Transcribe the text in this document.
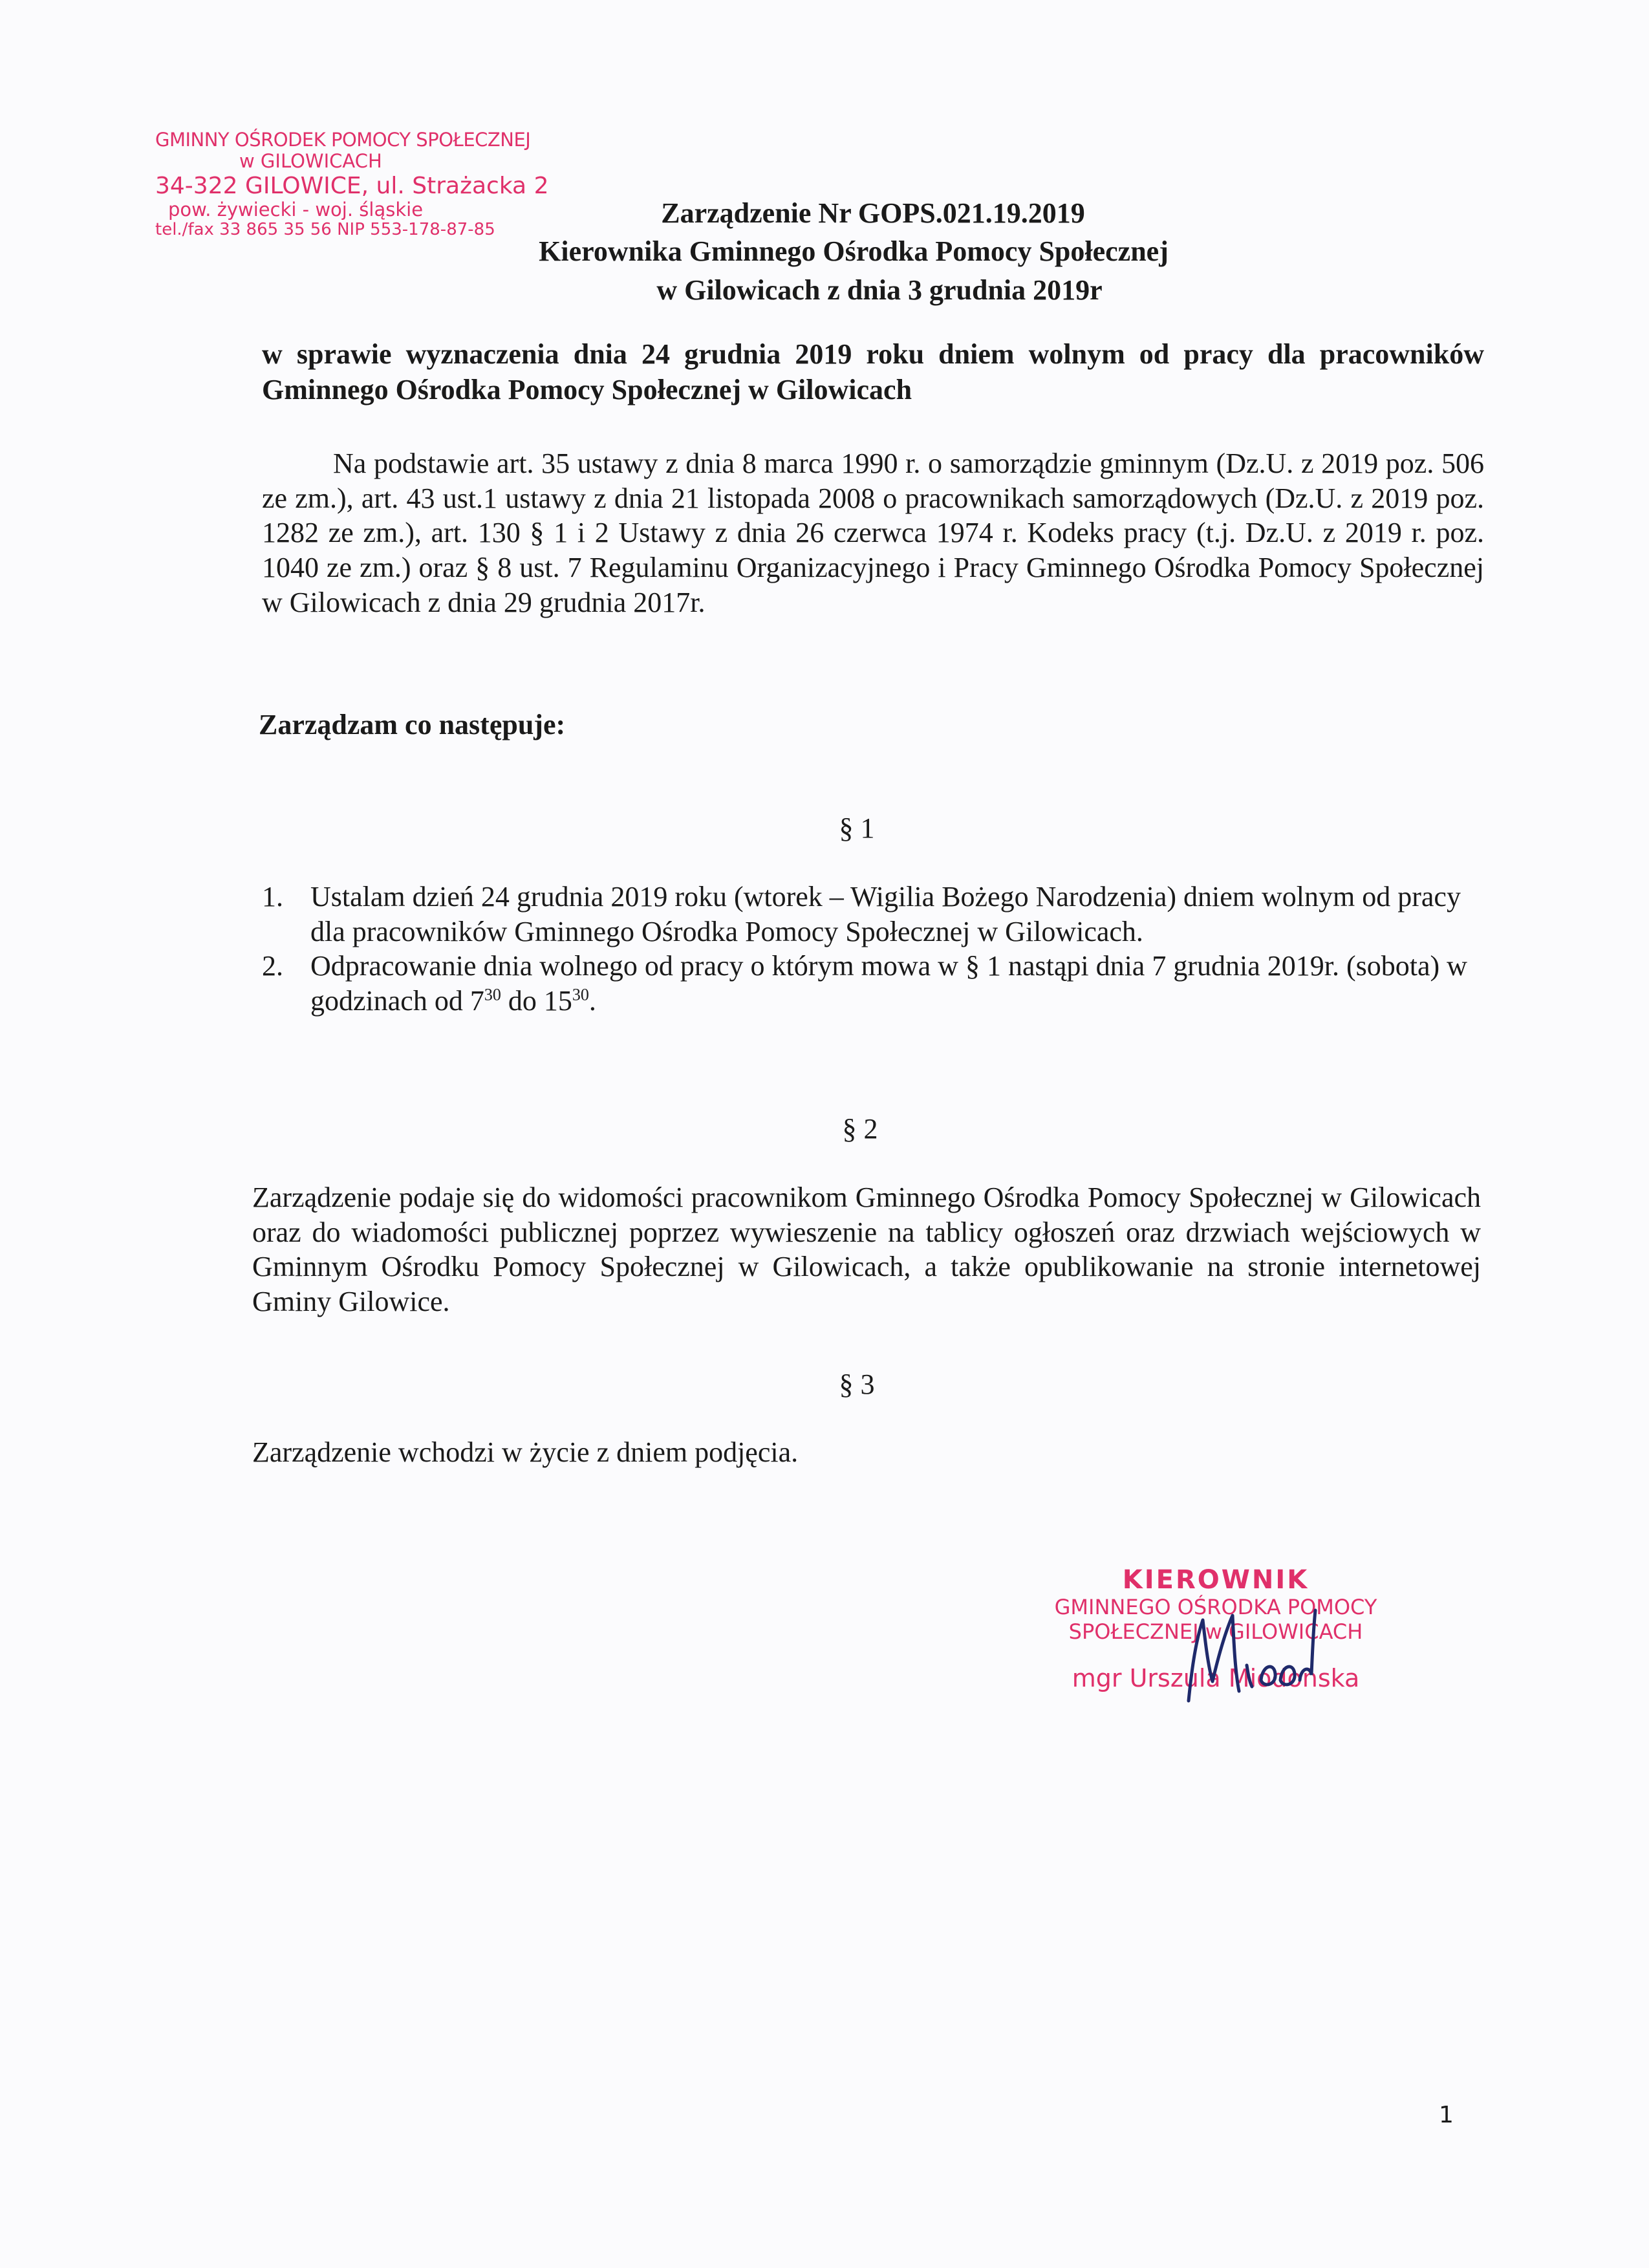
GMINNY OŚRODEK POMOCY SPOŁECZNEJ
w GILOWICACH
34-322 GILOWICE, ul. Strażacka 2
pow. żywiecki - woj. śląskie
tel./fax 33 865 35 56 NIP 553-178-87-85
Zarządzenie Nr GOPS.021.19.2019
Kierownika Gminnego Ośrodka Pomocy Społecznej
w Gilowicach z dnia 3 grudnia 2019r
w sprawie wyznaczenia dnia 24 grudnia 2019 roku dniem wolnym od pracy dla pracowników Gminnego Ośrodka Pomocy Społecznej w Gilowicach
Na podstawie art. 35 ustawy z dnia 8 marca 1990 r. o samorządzie gminnym (Dz.U. z 2019 poz. 506 ze zm.), art. 43 ust.1 ustawy z dnia 21 listopada 2008 o pracownikach samorządowych (Dz.U. z 2019 poz. 1282 ze zm.), art. 130 § 1 i 2 Ustawy z dnia 26 czerwca 1974 r. Kodeks pracy (t.j. Dz.U. z 2019 r. poz. 1040 ze zm.) oraz § 8 ust. 7 Regulaminu Organizacyjnego i Pracy Gminnego Ośrodka Pomocy Społecznej w Gilowicach z dnia 29 grudnia 2017r.
Zarządzam co następuje:
§ 1
1. Ustalam dzień 24 grudnia 2019 roku (wtorek – Wigilia Bożego Narodzenia) dniem wolnym od pracy dla pracowników Gminnego Ośrodka Pomocy Społecznej w Gilowicach.
2. Odpracowanie dnia wolnego od pracy o którym mowa w § 1 nastąpi dnia 7 grudnia 2019r. (sobota) w godzinach od $7^{30}$ do $15^{30}$.
§ 2
Zarządzenie podaje się do widomości pracownikom Gminnego Ośrodka Pomocy Społecznej w Gilowicach oraz do wiadomości publicznej poprzez wywieszenie na tablicy ogłoszeń oraz drzwiach wejściowych w Gminnym Ośrodku Pomocy Społecznej w Gilowicach, a także opublikowanie na stronie internetowej Gminy Gilowice.
§ 3
Zarządzenie wchodzi w życie z dniem podjęcia.
KIEROWNIK
GMINNEGO OŚRODKA POMOCY
SPOŁECZNEJ w GILOWICACH
mgr Urszula Miodońska
1
